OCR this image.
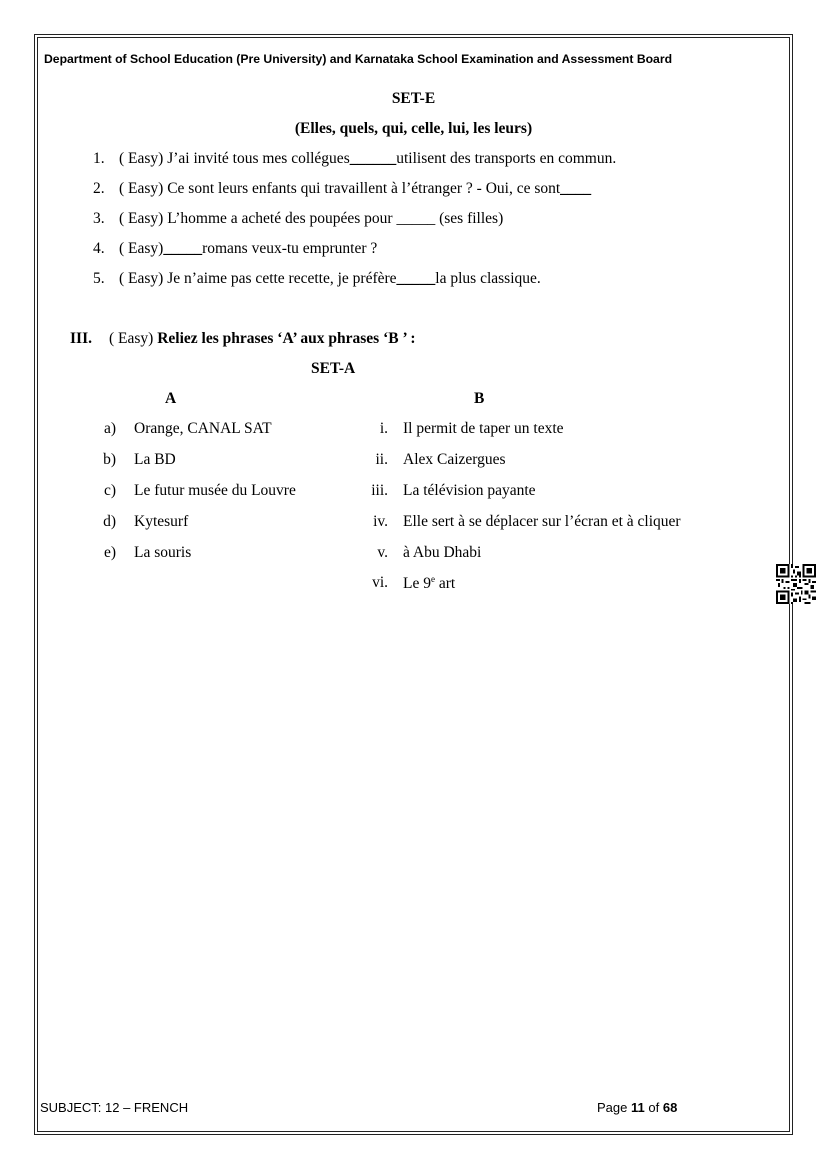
Department of School Education (Pre University) and Karnataka School Examination and Assessment Board
SET-E
(Elles, quels, qui, celle, lui, les leurs)
1. ( Easy) J’ai invité tous mes collégues______utilisent des transports en commun.
2. ( Easy) Ce sont leurs enfants qui travaillent à l’étranger ? - Oui, ce sont____
3. ( Easy) L’homme a acheté des poupées pour _____ (ses filles)
4. ( Easy)_____romans veux-tu emprunter ?
5. ( Easy) Je n’aime pas cette recette, je préfère_____la plus classique.
III. ( Easy) Reliez les phrases ‘A’ aux phrases ‘B ’ :
SET-A
A	B
a) Orange, CANAL SAT
b) La BD
c) Le futur musée du Louvre
d) Kytesurf
e) La souris
i. Il permit de taper un texte
ii. Alex Caizergues
iii. La télévision payante
iv. Elle sert à se déplacer sur l’écran et à cliquer
v. à Abu Dhabi
vi. Le 9e art
SUBJECT: 12 – FRENCH	Page 11 of 68
